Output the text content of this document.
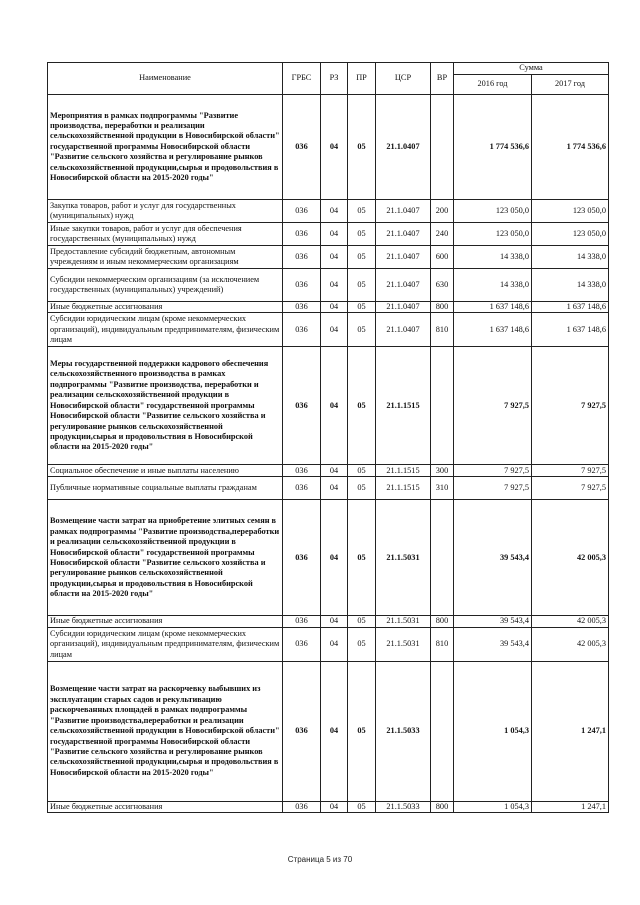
Наименование	ГРБС	РЗ	ПР	ЦСР	ВР	Сумма	
						2016 год	2017 год
Мероприятия в рамках подпрограммы "Развитие производства, переработки и реализации сельскохозяйственной продукции в Новосибирской области" государственной программы Новосибирской области "Развитие сельского хозяйства и регулирование рынков сельскохозяйственной продукции,сырья и продовольствия в Новосибирской области на 2015-2020 годы"	036	04	05	21.1.0407		1 774 536,6	1 774 536,6
Закупка товаров, работ и услуг для государственных (муниципальных) нужд	036	04	05	21.1.0407	200	123 050,0	123 050,0
Иные закупки товаров, работ и услуг для обеспечения государственных (муниципальных) нужд	036	04	05	21.1.0407	240	123 050,0	123 050,0
Предоставление субсидий бюджетным, автономным учреждениям и иным некоммерческим организациям	036	04	05	21.1.0407	600	14 338,0	14 338,0
Субсидии некоммерческим организациям (за исключением государственных (муниципальных) учреждений)	036	04	05	21.1.0407	630	14 338,0	14 338,0
Иные бюджетные ассигнования	036	04	05	21.1.0407	800	1 637 148,6	1 637 148,6
Субсидии юридическим лицам (кроме некоммерческих организаций), индивидуальным предпринимателям, физическим лицам	036	04	05	21.1.0407	810	1 637 148,6	1 637 148,6
Меры государственной поддержки кадрового обеспечения сельскохозяйственного производства в рамках подпрограммы "Развитие производства, переработки и реализации сельскохозяйственной продукции в Новосибирской области" государственной программы Новосибирской области "Развитие сельского хозяйства и регулирование рынков сельскохозяйственной продукции,сырья и продовольствия в Новосибирской области на 2015-2020 годы"	036	04	05	21.1.1515		7 927,5	7 927,5
Социальное обеспечение и иные выплаты населению	036	04	05	21.1.1515	300	7 927,5	7 927,5
Публичные нормативные социальные выплаты гражданам	036	04	05	21.1.1515	310	7 927,5	7 927,5
Возмещение части затрат на приобретение элитных семян в рамках подпрограммы "Развитие производства,переработки и реализации сельскохозяйственной продукции в Новосибирской области" государственной программы Новосибирской области "Развитие сельского хозяйства и регулирование рынков сельскохозяйственной продукции,сырья и продовольствия в Новосибирской области на 2015-2020 годы"	036	04	05	21.1.5031		39 543,4	42 005,3
Иные бюджетные ассигнования	036	04	05	21.1.5031	800	39 543,4	42 005,3
Субсидии юридическим лицам (кроме некоммерческих организаций), индивидуальным предпринимателям, физическим лицам	036	04	05	21.1.5031	810	39 543,4	42 005,3
Возмещение части затрат на раскорчевку выбывших из эксплуатации старых садов и рекультивацию раскорчеванных площадей в рамках подпрограммы "Развитие производства,переработки и реализации сельскохозяйственной продукции в Новосибирской области" государственной программы Новосибирской области "Развитие сельского хозяйства и регулирование рынков сельскохозяйственной продукции,сырья и продовольствия в Новосибирской области на 2015-2020 годы"	036	04	05	21.1.5033		1 054,3	1 247,1
Иные бюджетные ассигнования	036	04	05	21.1.5033	800	1 054,3	1 247,1
Страница 5 из 70
